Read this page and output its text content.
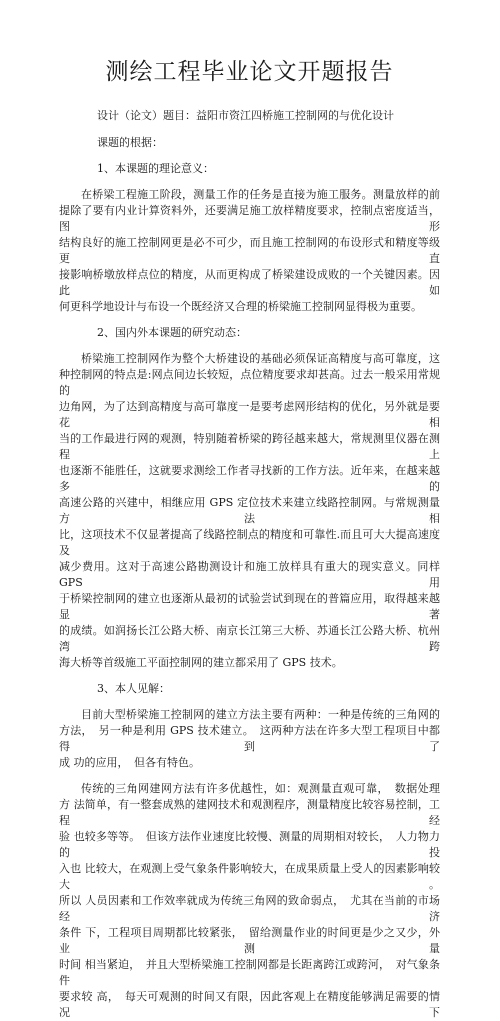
测绘工程毕业论文开题报告

设计（论文）题目：益阳市资江四桥施工控制网的与优化设计

课题的根据：

1、本课题的理论意义：

在桥梁工程施工阶段，测量工作的任务是直接为施工服务。测量放样的前

提除了要有内业计算资料外，还要满足施工放样精度要求，控制点密度适当，图形

结构良好的施工控制网更是必不可少，而且施工控制网的布设形式和精度等级更直

接影响桥墩放样点位的精度，从而更构成了桥梁建设成败的一个关键因素。因此如

何更科学地设计与布设一个既经济又合理的桥梁施工控制网显得极为重要。

2、国内外本课题的研究动态：

桥梁施工控制网作为整个大桥建设的基础必须保证高精度与高可靠度，这

种控制网的特点是:网点间边长较短，点位精度要求却甚高。过去一般采用常规的

边角网，为了达到高精度与高可靠度一是要考虑网形结构的优化，另外就是要花相

当的工作最进行网的观测，特别随着桥梁的跨径越来越大，常规测里仪器在测程上

也逐渐不能胜任，这就要求测绘工作者寻找新的工作方法。近年来，在越来越多的

高速公路的兴建中，相继应用 GPS 定位技术来建立线路控制网。与常规测量方法相

比，这项技术不仅显著提高了线路控制点的精度和可靠性.而且可大大提高速度及

减少费用。这对于高速公路勘测设计和施工放样具有重大的现实意义。同样 GPS 用

于桥梁控制网的建立也逐渐从最初的试验尝试到现在的普篇应用，取得越来越显著

的成绩。如润扬长江公路大桥、南京长江第三大桥、苏通长江公路大桥、杭州湾跨

海大桥等首级施工平面控制网的建立都采用了 GPS 技术。

3、本人见解：

目前大型桥梁施工控制网的建立方法主要有两种：一种是传统的三角网的

方法，　另一种是利用 GPS 技术建立。　这两种方法在许多大型工程项目中都得到了

成 功的应用，　但各有特色。

传统的三角网建网方法有许多优越性，如：观测量直观可靠，　数据处理

方 法简单，有一整套成熟的建网技术和观测程序，测量精度比较容易控制，工程经

验 也较多等等。　但该方法作业速度比较慢、测量的周期相对较长，　人力物力的投

入也 比较大，在观测上受气象条件影响较大，在成果质量上受人的因素影响较大。

所以 人员因素和工作效率就成为传统三角网的致命弱点，　尤其在当前的市场经济

条件 下，工程项目周期都比较紧张，　留给测量作业的时间更是少之又少，外业测量

时间 相当紧迫，　并且大型桥梁施工控制网都是长距离跨江或跨河，　对气象条件

要求较 高，　每天可观测的时间又有限，因此客观上在精度能够满足需要的情况下
